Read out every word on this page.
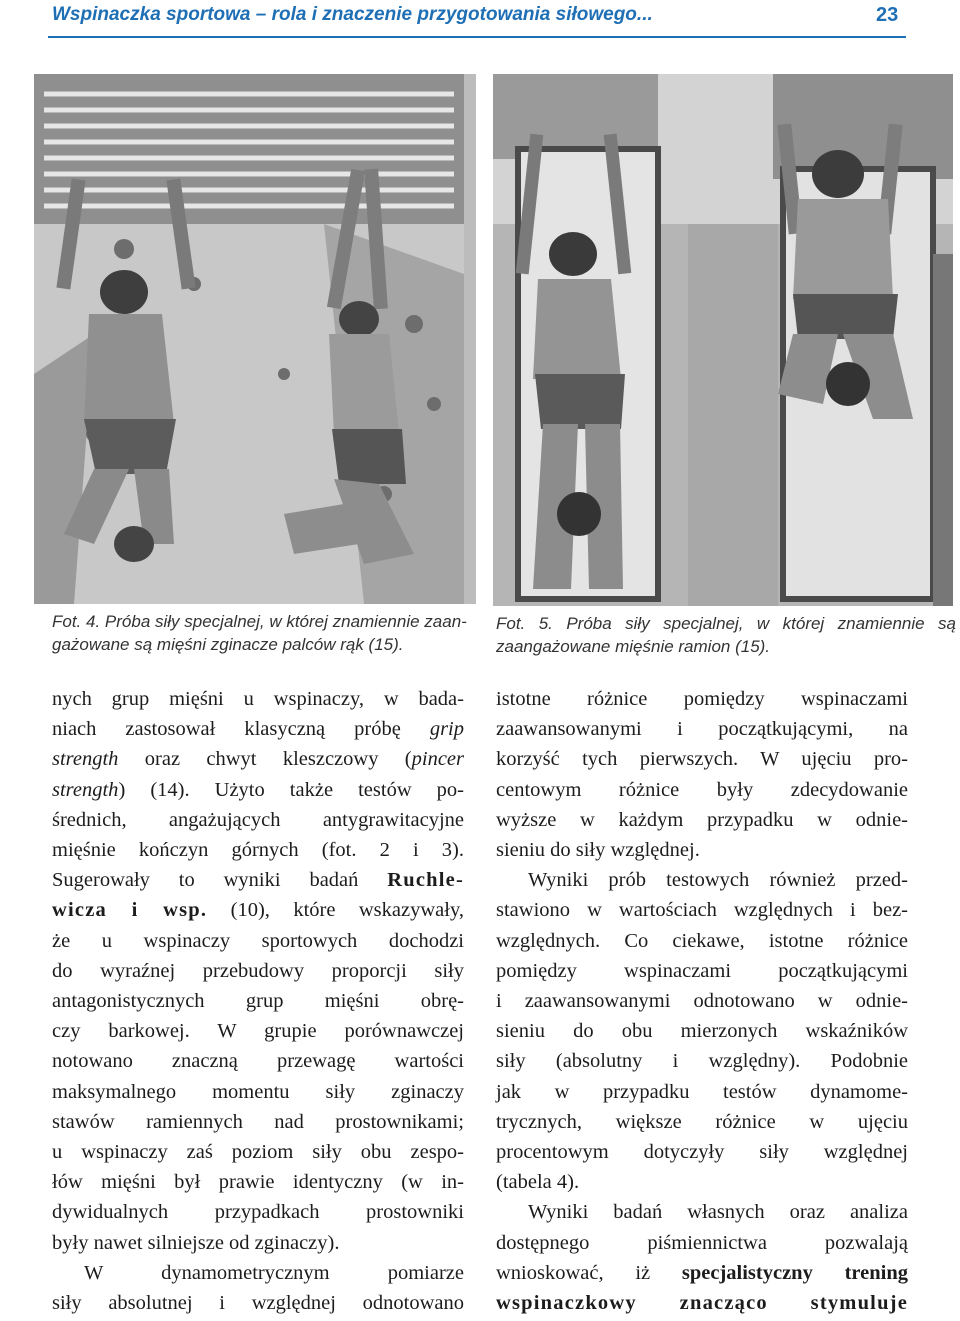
Wspinaczka sportowa – rola i znaczenie przygotowania siłowego...	23
Fot. 4. Próba siły specjalnej, w której znamiennie zaan-
gażowane są mięśni zginacze palców rąk (15).
Fot. 5. Próba siły specjalnej, w której znamiennie są
zaangażowane mięśnie ramion (15).
nych grup mięśni u wspinaczy, w bada-
niach zastosował klasyczną próbę grip
strength oraz chwyt kleszczowy (pincer
strength) (14). Użyto także testów po-
średnich, angażujących antygrawitacyjne
mięśnie kończyn górnych (fot. 2 i 3).
Sugerowały to wyniki badań Ruchle-
wicza i wsp. (10), które wskazywały,
że u wspinaczy sportowych dochodzi
do wyraźnej przebudowy proporcji siły
antagonistycznych grup mięśni obrę-
czy barkowej. W grupie porównawczej
notowano znaczną przewagę wartości
maksymalnego momentu siły zginaczy
stawów ramiennych nad prostownikami;
u wspinaczy zaś poziom siły obu zespo-
łów mięśni był prawie identyczny (w in-
dywidualnych przypadkach prostowniki
były nawet silniejsze od zginaczy).
W dynamometrycznym pomiarze
siły absolutnej i względnej odnotowano
istotne różnice pomiędzy wspinaczami
zaawansowanymi i początkującymi, na
korzyść tych pierwszych. W ujęciu pro-
centowym różnice były zdecydowanie
wyższe w każdym przypadku w odnie-
sieniu do siły względnej.
Wyniki prób testowych również przed-
stawiono w wartościach względnych i bez-
względnych. Co ciekawe, istotne różnice
pomiędzy wspinaczami początkującymi
i zaawansowanymi odnotowano w odnie-
sieniu do obu mierzonych wskaźników
siły (absolutny i względny). Podobnie
jak w przypadku testów dynamome-
trycznych, większe różnice w ujęciu
procentowym dotyczyły siły względnej
(tabela 4).
Wyniki badań własnych oraz analiza
dostępnego piśmiennictwa pozwalają
wnioskować, iż specjalistyczny trening
wspinaczkowy znacząco stymuluje
